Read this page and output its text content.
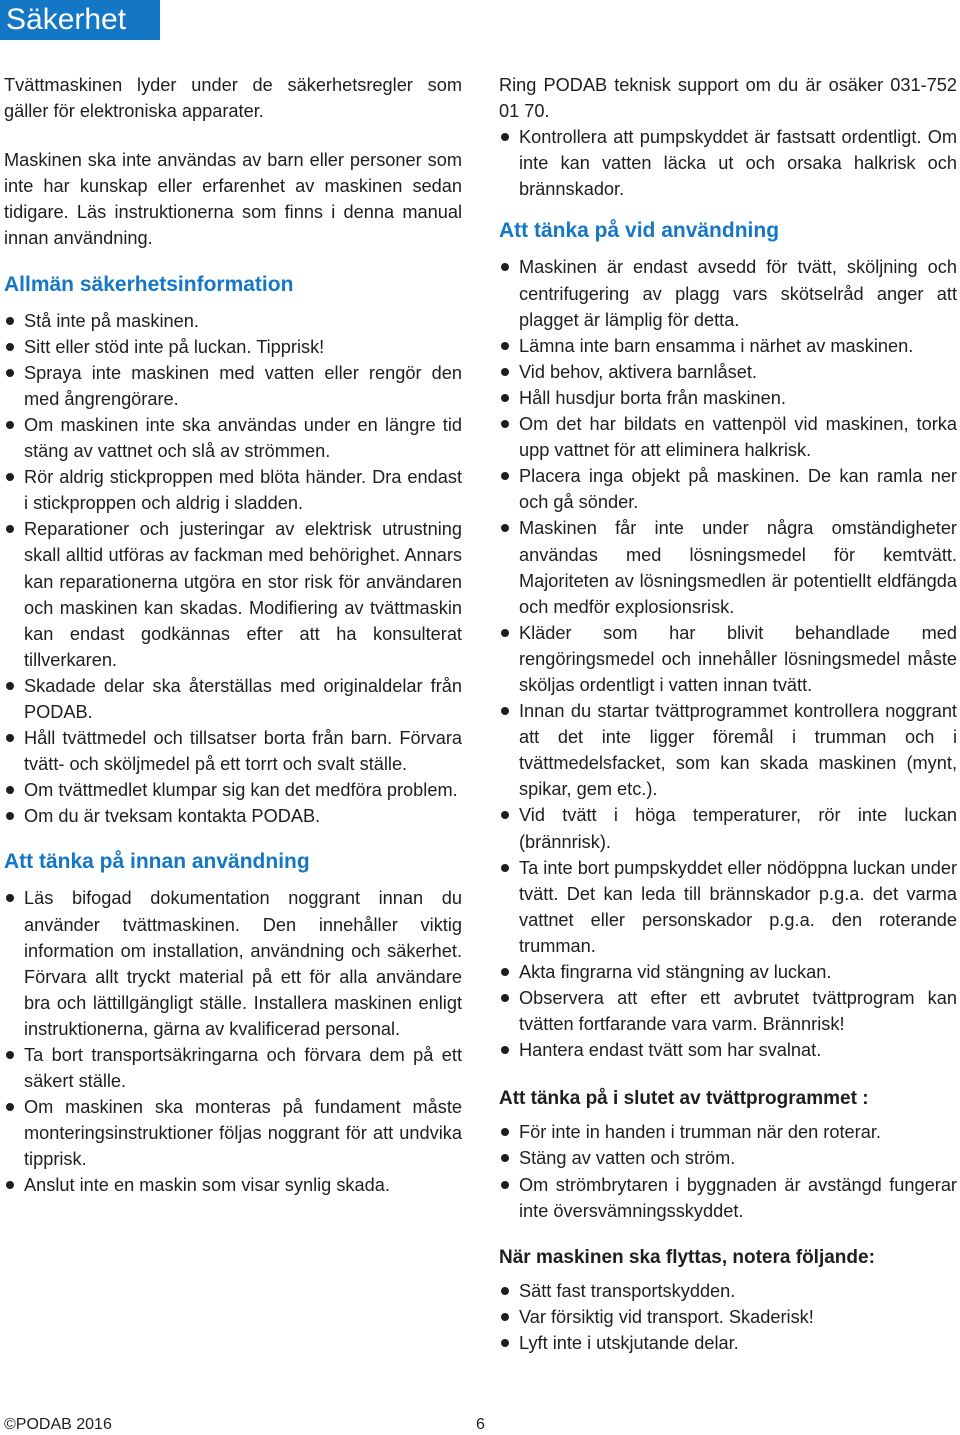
Säkerhet

Tvättmaskinen lyder under de säkerhetsregler som gäller för elektroniska apparater.

Maskinen ska inte användas av barn eller personer som inte har kunskap eller erfarenhet av maskinen sedan tidigare. Läs instruktionerna som finns i denna manual innan användning.

Allmän säkerhetsinformation
Stå inte på maskinen.
Sitt eller stöd inte på luckan. Tipprisk!
Spraya inte maskinen med vatten eller rengör den med ångrengörare.
Om maskinen inte ska användas under en längre tid stäng av vattnet och slå av strömmen.
Rör aldrig stickproppen med blöta händer. Dra endast i stickproppen och aldrig i sladden.
Reparationer och justeringar av elektrisk utrustning skall alltid utföras av fackman med behörighet. Annars kan reparationerna utgöra en stor risk för användaren och maskinen kan skadas. Modifiering av tvättmaskin kan endast godkännas efter att ha konsulterat tillverkaren.
Skadade delar ska återställas med originaldelar från PODAB.
Håll tvättmedel och tillsatser borta från barn. Förvara tvätt- och sköljmedel på ett torrt och svalt ställe.
Om tvättmedlet klumpar sig kan det medföra problem.
Om du är tveksam kontakta PODAB.
Att tänka på innan användning
Läs bifogad dokumentation noggrant innan du använder tvättmaskinen. Den innehåller viktig information om installation, användning och säkerhet. Förvara allt tryckt material på ett för alla användare bra och lättillgängligt ställe. Installera maskinen enligt instruktionerna, gärna av kvalificerad personal.
Ta bort transportsäkringarna och förvara dem på ett säkert ställe.
Om maskinen ska monteras på fundament måste monteringsinstruktioner följas noggrant för att undvika tipprisk.
Anslut inte en maskin som visar synlig skada.

Ring PODAB teknisk support om du är osäker 031-752 01 70.

Kontrollera att pumpskyddet är fastsatt ordentligt. Om inte kan vatten läcka ut och orsaka halkrisk och brännskador.
Att tänka på vid användning
Maskinen är endast avsedd för tvätt, sköljning och centrifugering av plagg vars skötselråd anger att plagget är lämplig för detta.
Lämna inte barn ensamma i närhet av maskinen.
Vid behov, aktivera barnlåset.
Håll husdjur borta från maskinen.
Om det har bildats en vattenpöl vid maskinen, torka upp vattnet för att eliminera halkrisk.
Placera inga objekt på maskinen. De kan ramla ner och gå sönder.
Maskinen får inte under några omständigheter användas med lösningsmedel för kemtvätt. Majoriteten av lösningsmedlen är potentiellt eldfängda och medför explosionsrisk.
Kläder som har blivit behandlade med rengöringsmedel och innehåller lösningsmedel måste sköljas ordentligt i vatten innan tvätt.
Innan du startar tvättprogrammet kontrollera noggrant att det inte ligger föremål i trumman och i tvättmedelsfacket, som kan skada maskinen (mynt, spikar, gem etc.).
Vid tvätt i höga temperaturer, rör inte luckan (brännrisk).
Ta inte bort pumpskyddet eller nödöppna luckan under tvätt. Det kan leda till brännskador p.g.a. det varma vattnet eller personskador p.g.a. den roterande trumman.
Akta fingrarna vid stängning av luckan.
Observera att efter ett avbrutet tvättprogram kan tvätten fortfarande vara varm. Brännrisk!
Hantera endast tvätt som har svalnat.
Att tänka på i slutet av tvättprogrammet :
För inte in handen i trumman när den roterar.
Stäng av vatten och ström.
Om strömbrytaren i byggnaden är avstängd fungerar inte översvämningsskyddet.
När maskinen ska flyttas, notera följande:
Sätt fast transportskydden.
Var försiktig vid transport. Skaderisk!
Lyft inte i utskjutande delar.
©PODAB 2016	6
